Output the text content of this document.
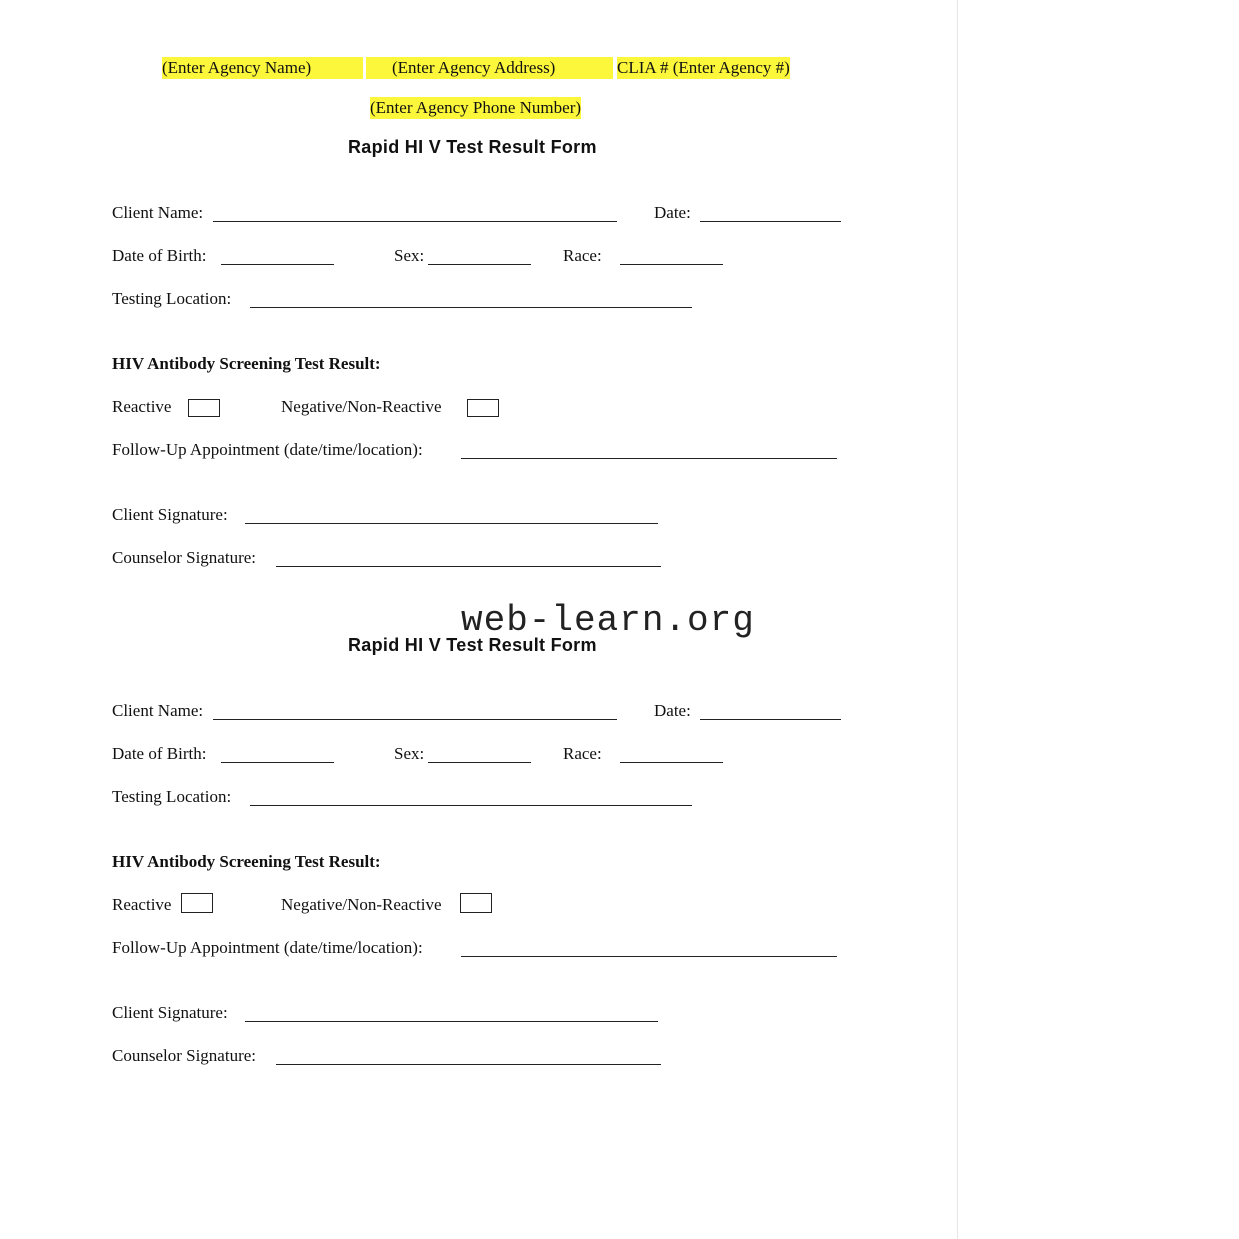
(Enter Agency Name)	(Enter Agency Address)	CLIA # (Enter Agency #)
(Enter Agency Phone Number)
Rapid HI V Test Result Form
Client Name:	Date:
Date of Birth:	Sex:	Race:
Testing Location:
HIV Antibody Screening Test Result:
Reactive	Negative/Non-Reactive
Follow-Up Appointment (date/time/location):
Client Signature:
Counselor Signature:
web-learn.org
Rapid HI V Test Result Form
Client Name:	Date:
Date of Birth:	Sex:	Race:
Testing Location:
HIV Antibody Screening Test Result:
Reactive	Negative/Non-Reactive
Follow-Up Appointment (date/time/location):
Client Signature:
Counselor Signature:
